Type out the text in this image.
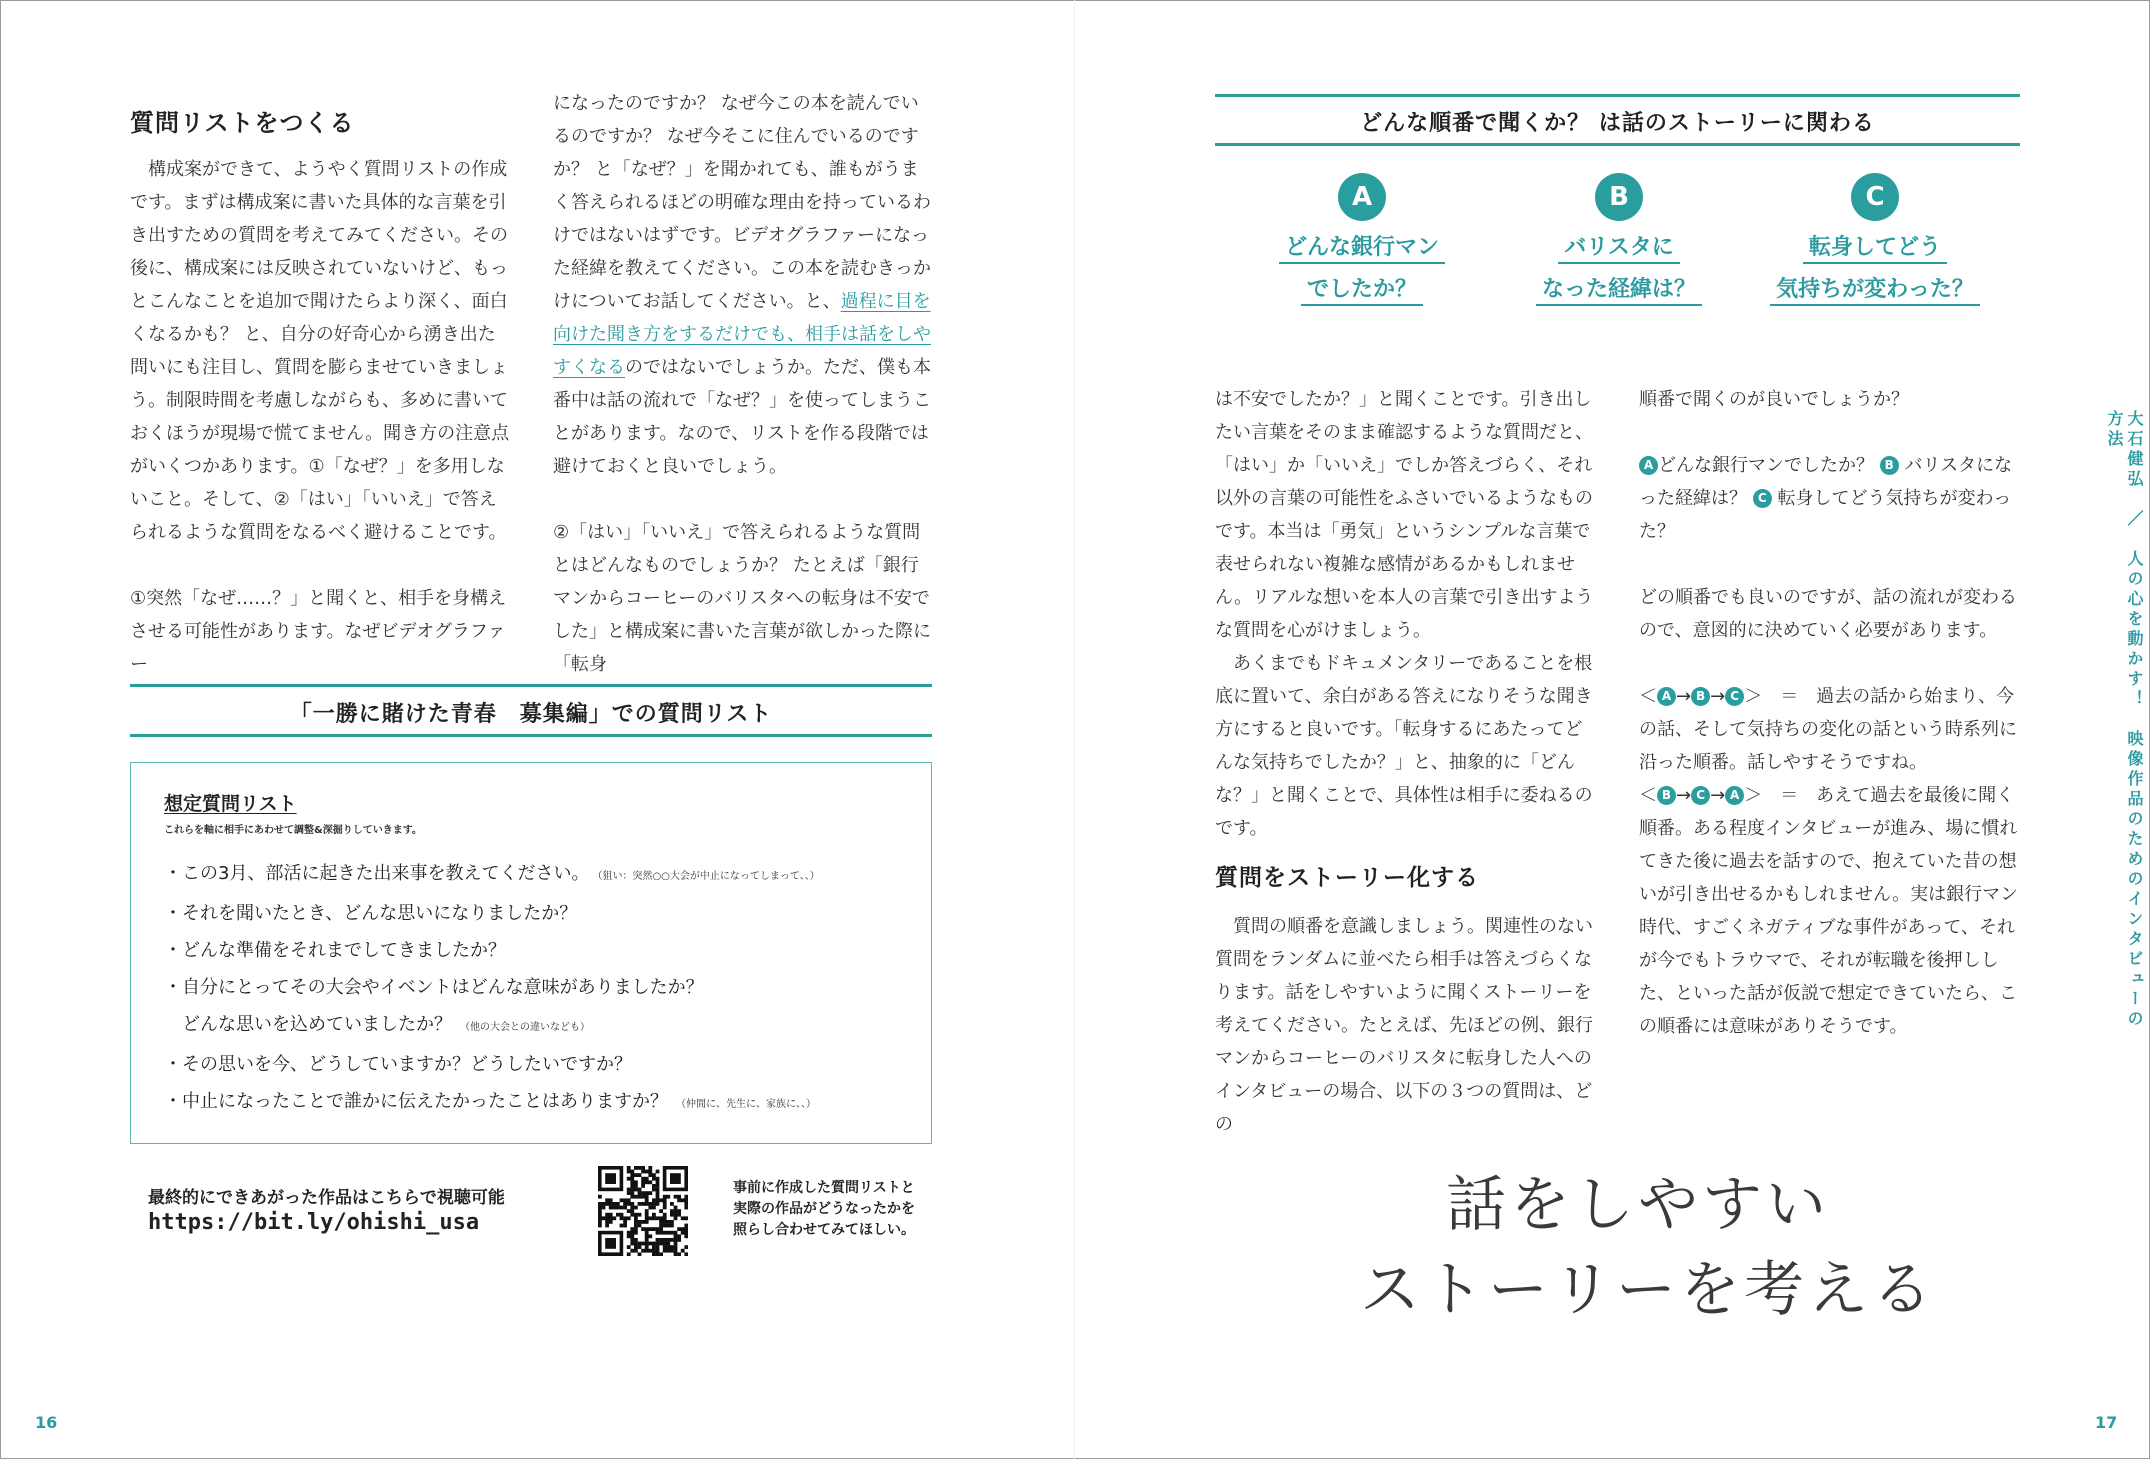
質問リストをつくる

構成案ができて、ようやく質問リストの作成です。まずは構成案に書いた具体的な言葉を引き出すための質問を考えてみてください。その後に、構成案には反映されていないけど、もっとこんなことを追加で聞けたらより深く、面白くなるかも？ と、自分の好奇心から湧き出た問いにも注目し、質問を膨らませていきましょう。制限時間を考慮しながらも、多めに書いておくほうが現場で慌てません。聞き方の注意点がいくつかあります。①「なぜ？」を多用しないこと。そして、②「はい」「いいえ」で答えられるような質問をなるべく避けることです。

①突然「なぜ……？」と聞くと、相手を身構えさせる可能性があります。なぜビデオグラファー

になったのですか？ なぜ今この本を読んでいるのですか？ なぜ今そこに住んでいるのですか？ と「なぜ？」を聞かれても、誰もがうまく答えられるほどの明確な理由を持っているわけではないはずです。ビデオグラファーになった経緯を教えてください。この本を読むきっかけについてお話してください。と、過程に目を向けた聞き方をするだけでも、相手は話をしやすくなるのではないでしょうか。ただ、僕も本番中は話の流れで「なぜ？」を使ってしまうことがあります。なので、リストを作る段階では避けておくと良いでしょう。

②「はい」「いいえ」で答えられるような質問とはどんなものでしょうか？ たとえば「銀行マンからコーヒーのバリスタへの転身は不安でした」と構成案に書いた言葉が欲しかった際に「転身

「一勝に賭けた青春　募集編」での質問リスト
想定質問リスト
これらを軸に相手にあわせて調整&深掘りしていきます。
・この3月、部活に起きた出来事を教えてください。 （狙い：突然○○大会が中止になってしまって、、）
・それを聞いたとき、どんな思いになりましたか？
・どんな準備をそれまでしてきましたか？
・自分にとってその大会やイベントはどんな意味がありましたか？
　どんな思いを込めていましたか？ （他の大会との違いなども）
・その思いを今、どうしていますか？どうしたいですか？
・中止になったことで誰かに伝えたかったことはありますか？ （仲間に、先生に、家族に、、）
最終的にできあがった作品はこちらで視聴可能
https://bit.ly/ohishi_usa
事前に作成した質問リストと
実際の作品がどうなったかを
照らし合わせてみてほしい。
16
どんな順番で聞くか？ は話のストーリーに関わる
A	B	C
どんな銀行マン
でしたか？
バリスタに
なった経緯は？
転身してどう
気持ちが変わった？

は不安でしたか？」と聞くことです。引き出したい言葉をそのまま確認するような質問だと、「はい」か「いいえ」でしか答えづらく、それ以外の言葉の可能性をふさいでいるようなものです。本当は「勇気」というシンプルな言葉で表せられない複雑な感情があるかもしれません。リアルな想いを本人の言葉で引き出すような質問を心がけましょう。

あくまでもドキュメンタリーであることを根底に置いて、余白がある答えになりそうな聞き方にすると良いです。「転身するにあたってどんな気持ちでしたか？」と、抽象的に「どんな？」と聞くことで、具体性は相手に委ねるのです。

質問をストーリー化する

質問の順番を意識しましょう。関連性のない質問をランダムに並べたら相手は答えづらくなります。話をしやすいように聞くストーリーを考えてください。たとえば、先ほどの例、銀行マンからコーヒーのバリスタに転身した人へのインタビューの場合、以下の３つの質問は、どの

順番で聞くのが良いでしょうか？

A どんな銀行マンでしたか？ B バリスタになった経緯は？ C 転身してどう気持ちが変わった？

どの順番でも良いのですが、話の流れが変わるので、意図的に決めていく必要があります。

＜ A → B → C ＞　＝　過去の話から始まり、今の話、そして気持ちの変化の話という時系列に沿った順番。話しやすそうですね。

＜ B → C → A ＞　＝　あえて過去を最後に聞く順番。ある程度インタビューが進み、場に慣れてきた後に過去を話すので、抱えていた昔の想いが引き出せるかもしれません。実は銀行マン時代、すごくネガティブな事件があって、それが今でもトラウマで、それが転職を後押しした、といった話が仮説で想定できていたら、この順番には意味がありそうです。

話をしやすい
ストーリーを考える
大石健弘　／　人の心を動かす！　映像作品のためのインタビューの方法
17
